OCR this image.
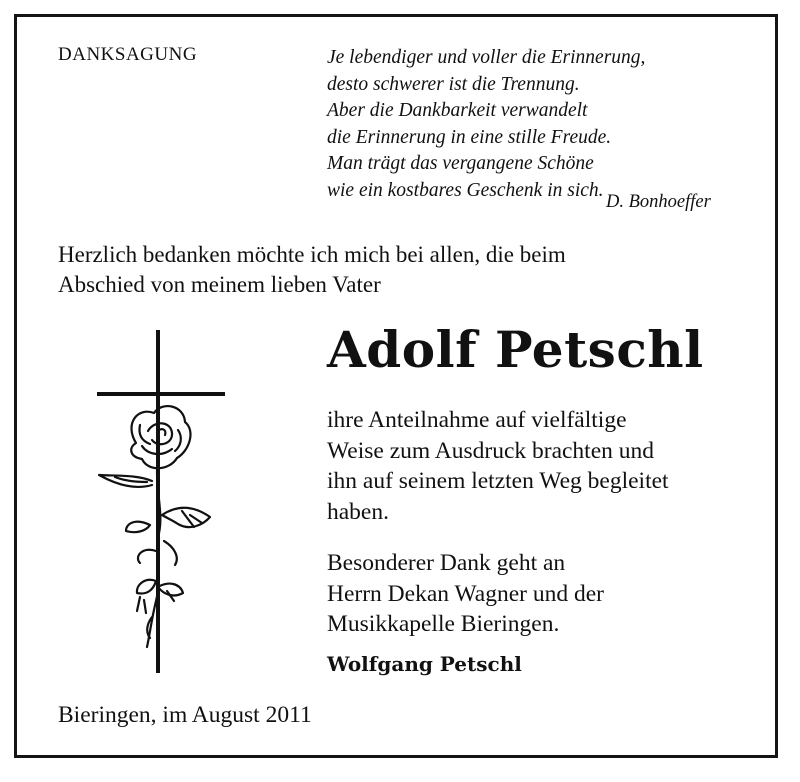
DANKSAGUNG	Je lebendiger und voller die Erinnerung,
desto schwerer ist die Trennung.
Aber die Dankbarkeit verwandelt
die Erinnerung in eine stille Freude.
Man trägt das vergangene Schöne
wie ein kostbares Geschenk in sich.
D. Bonhoeffer
Herzlich bedanken möchte ich mich bei allen, die beim
Abschied von meinem lieben Vater
Adolf Petschl
ihre Anteilnahme auf vielfältige
Weise zum Ausdruck brachten und
ihn auf seinem letzten Weg begleitet
haben.
Besonderer Dank geht an
Herrn Dekan Wagner und der
Musikkapelle Bieringen.
Wolfgang Petschl
Bieringen, im August 2011
